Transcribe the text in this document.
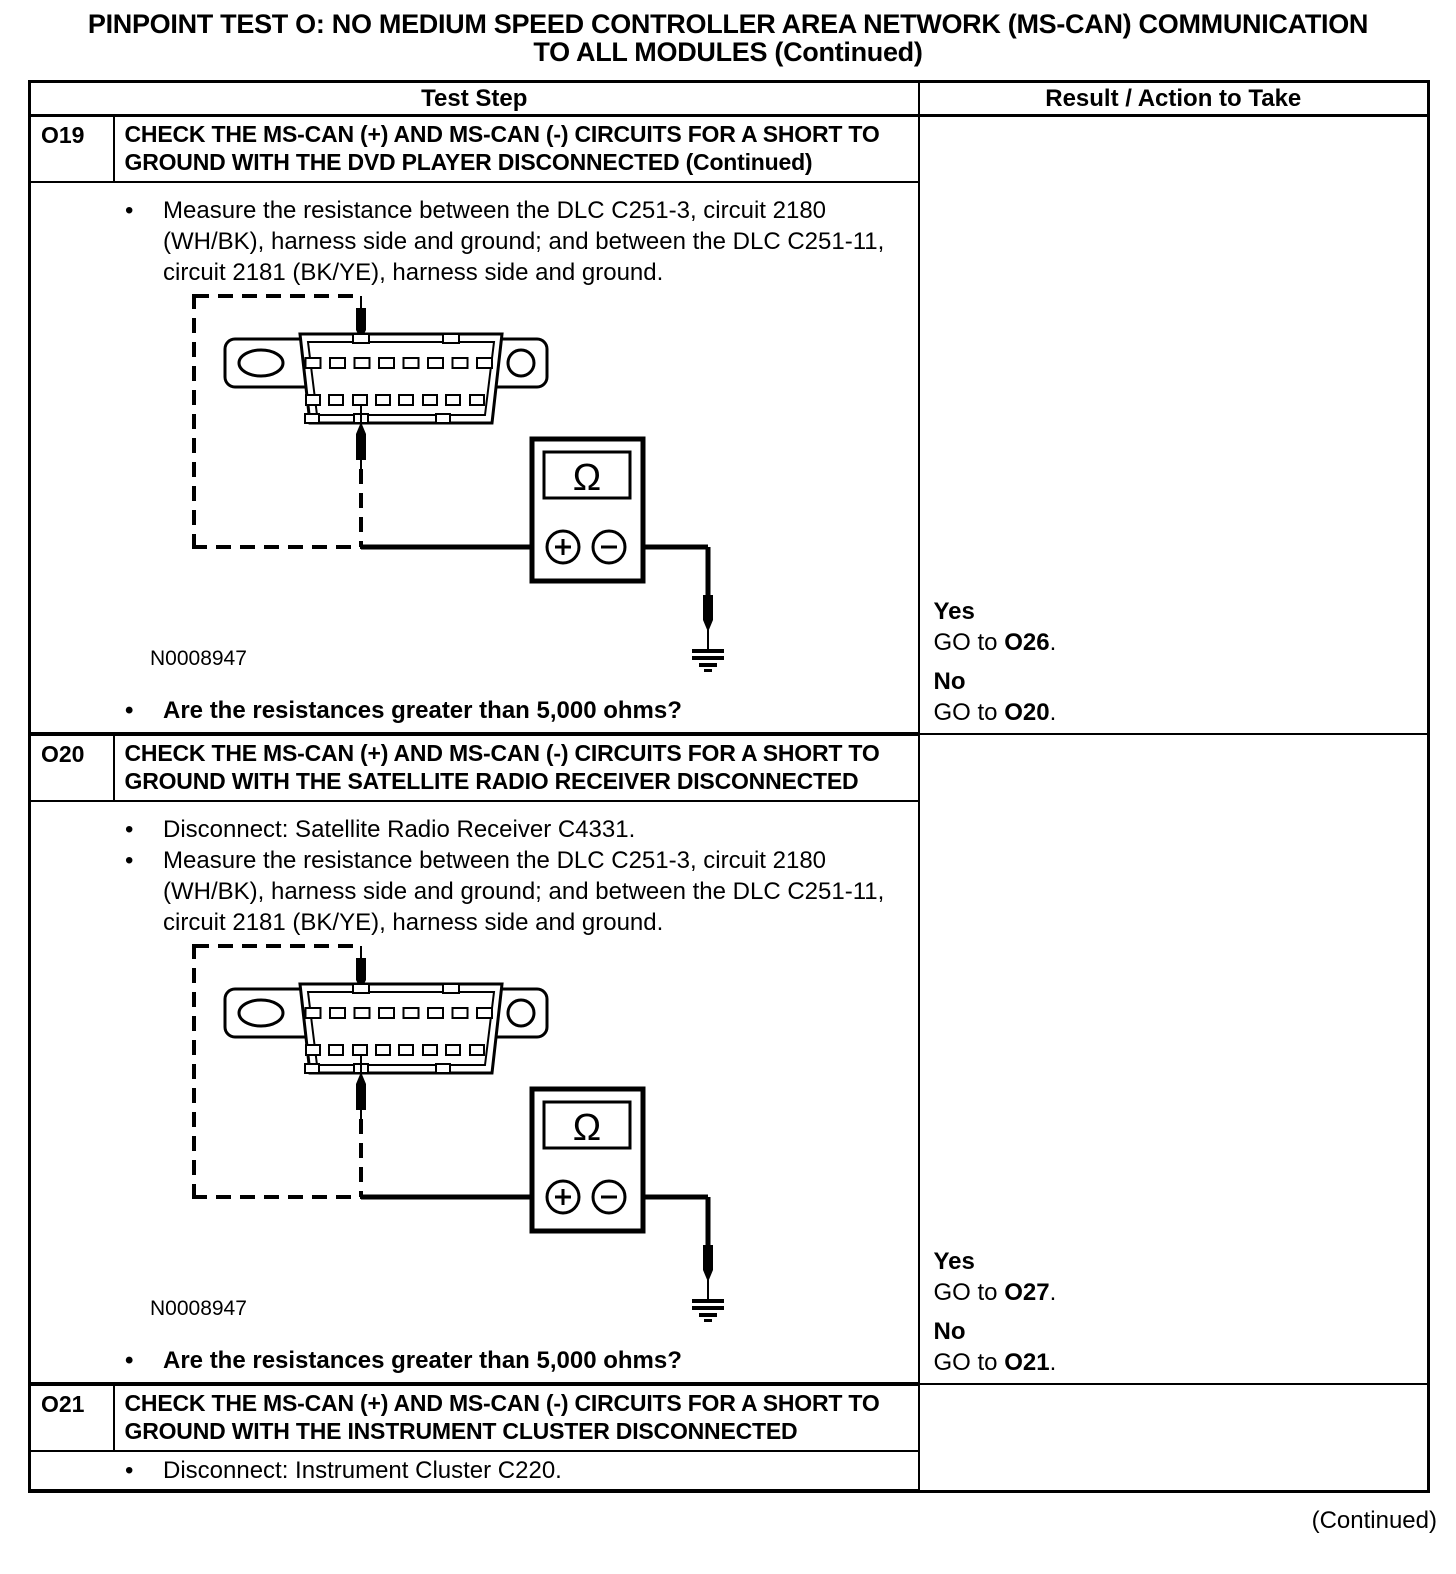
PINPOINT TEST O: NO MEDIUM SPEED CONTROLLER AREA NETWORK (MS-CAN) COMMUNICATION
TO ALL MODULES (Continued)
Test Step		Result / Action to Take
O19	CHECK THE MS-CAN (+) AND MS-CAN (-) CIRCUITS FOR A SHORT TO GROUND WITH THE DVD PLAYER DISCONNECTED (Continued)	Yes
GO to O26.
No
GO to O20.

•	Measure the resistance between the DLC C251-3, circuit 2180 (WH/BK), harness side and ground; and between the DLC C251-11, circuit 2181 (BK/YE), harness side and ground.
Ω
N0008947
•	Are the resistances greater than 5,000 ohms?

O20	CHECK THE MS-CAN (+) AND MS-CAN (-) CIRCUITS FOR A SHORT TO GROUND WITH THE SATELLITE RADIO RECEIVER DISCONNECTED	Yes
GO to O27.
No
GO to O21.

•	Disconnect: Satellite Radio Receiver C4331.
•	Measure the resistance between the DLC C251-3, circuit 2180 (WH/BK), harness side and ground; and between the DLC C251-11, circuit 2181 (BK/YE), harness side and ground.
Ω
N0008947
•	Are the resistances greater than 5,000 ohms?

O21	CHECK THE MS-CAN (+) AND MS-CAN (-) CIRCUITS FOR A SHORT TO GROUND WITH THE INSTRUMENT CLUSTER DISCONNECTED	

• Disconnect: Instrument Cluster C220.		
(Continued)
